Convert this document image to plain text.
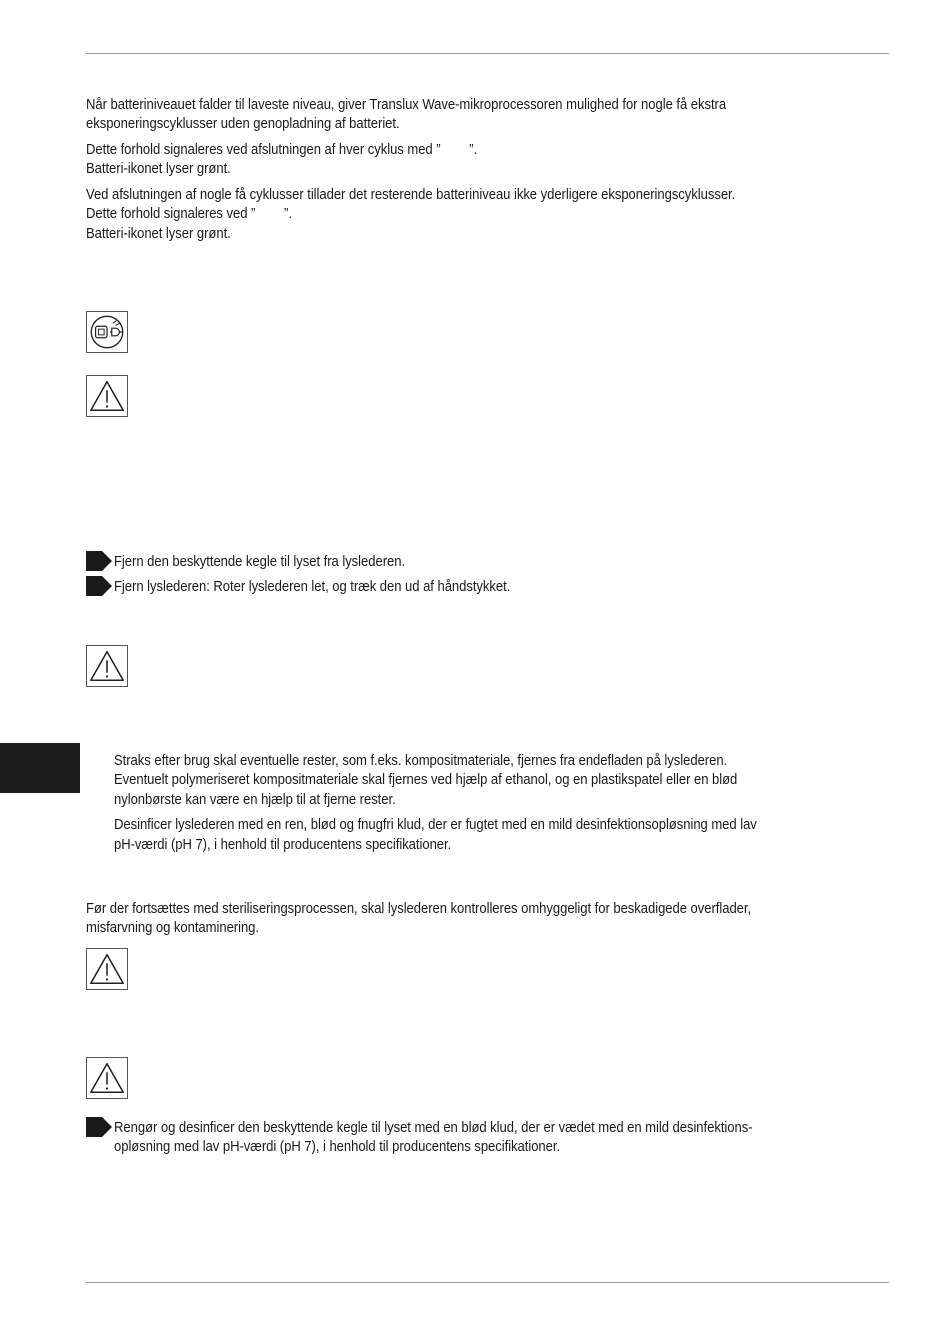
Når batteriniveauet falder til laveste niveau, giver Translux Wave-mikroprocessoren mulighed for nogle få ekstra
eksponeringscyklusser uden genopladning af batteriet.
Dette forhold signaleres ved afslutningen af hver cyklus med ”        ”.
Batteri-ikonet lyser grønt.
Ved afslutningen af nogle få cyklusser tillader det resterende batteriniveau ikke yderligere eksponeringscyklusser.
Dette forhold signaleres ved ”        ”.
Batteri-ikonet lyser grønt.
Fjern den beskyttende kegle til lyset fra lyslederen.
Fjern lyslederen: Roter lyslederen let, og træk den ud af håndstykket.
Straks efter brug skal eventuelle rester, som f.eks. kompositmateriale, fjernes fra endefladen på lyslederen.
Eventuelt polymeriseret kompositmateriale skal fjernes ved hjælp af ethanol, og en plastikspatel eller en blød
nylonbørste kan være en hjælp til at fjerne rester.
Desinficer lyslederen med en ren, blød og fnugfri klud, der er fugtet med en mild desinfektionsopløsning med lav
pH-værdi (pH 7), i henhold til producentens specifikationer.
Før der fortsættes med steriliseringsprocessen, skal lyslederen kontrolleres omhyggeligt for beskadigede overflader,
misfarvning og kontaminering.
Rengør og desinficer den beskyttende kegle til lyset med en blød klud, der er vædet med en mild desinfektions-
opløsning med lav pH-værdi (pH 7), i henhold til producentens specifikationer.
